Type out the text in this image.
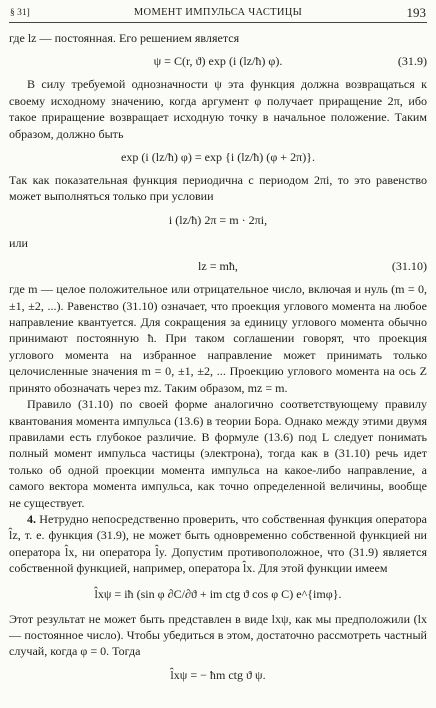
§ 31]	МОМЕНТ ИМПУЛЬСА ЧАСТИЦЫ	193

где lz — постоянная. Его решением является

ψ = C(r, ϑ) exp (i (lz/ħ) φ).	(31.9)

В силу требуемой однозначности ψ эта функция должна возвращаться к своему исходному значению, когда аргумент φ получает приращение 2π, ибо такое приращение возвращает исходную точку в начальное положение. Таким образом, должно быть

exp (i (lz/ħ) φ) = exp {i (lz/ħ) (φ + 2π)}.

Так как показательная функция периодична с периодом 2πi, то это равенство может выполняться только при условии

i (lz/ħ) 2π = m · 2πi,

или

lz = mħ,	(31.10)

где m — целое положительное или отрицательное число, включая и нуль (m = 0, ±1, ±2, ...). Равенство (31.10) означает, что проекция углового момента на любое направление квантуется. Для сокращения за единицу углового момента обычно принимают постоянную ħ. При таком соглашении говорят, что проекция углового момента на избранное направление может принимать только целочисленные значения m = 0, ±1, ±2, ... Проекцию углового момента на ось Z принято обозначать через mz. Таким образом, mz = m.

Правило (31.10) по своей форме аналогично соответствующему правилу квантования момента импульса (13.6) в теории Бора. Однако между этими двумя правилами есть глубокое различие. В формуле (13.6) под L следует понимать полный момент импульса частицы (электрона), тогда как в (31.10) речь идет только об одной проекции момента импульса на какое-либо направление, а самого вектора момента импульса, как точно определенной величины, вообще не существует.

4. Нетрудно непосредственно проверить, что собственная функция оператора l̂z, т. е. функция (31.9), не может быть одновременно собственной функцией ни оператора l̂x, ни оператора l̂y. Допустим противоположное, что (31.9) является собственной функцией, например, оператора l̂x. Для этой функции имеем

l̂xψ = iħ (sin φ ∂C/∂ϑ + im ctg ϑ cos φ C) e^{imφ}.

Этот результат не может быть представлен в виде lxψ, как мы предположили (lx — постоянное число). Чтобы убедиться в этом, достаточно рассмотреть частный случай, когда φ = 0. Тогда

l̂xψ = − ħm ctg ϑ ψ.
